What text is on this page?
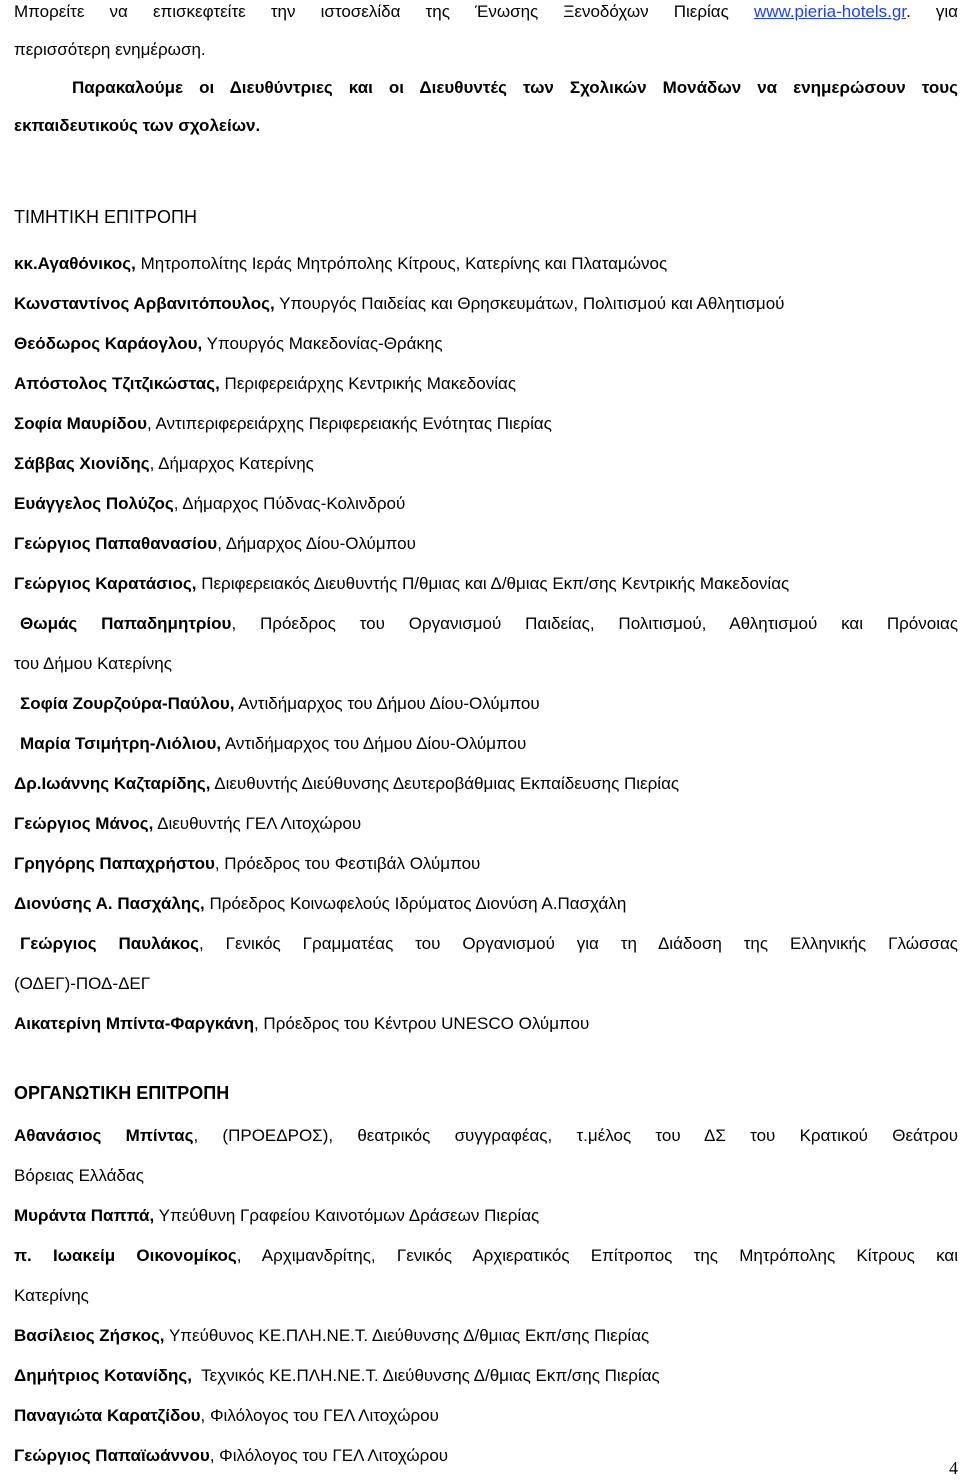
Μπορείτε να επισκεφτείτε την ιστοσελίδα της Ένωσης Ξενοδόχων Πιερίας www.pieria-hotels.gr. για
περισσότερη ενημέρωση.
Παρακαλούμε οι Διευθύντριες και οι Διευθυντές των Σχολικών Μονάδων να ενημερώσουν τους
εκπαιδευτικούς των σχολείων.
ΤΙΜΗΤΙΚΗ ΕΠΙΤΡΟΠΗ
κκ.Αγαθόνικος, Μητροπολίτης Ιεράς Μητρόπολης Κίτρους, Κατερίνης και Πλαταμώνος
Κωνσταντίνος Αρβανιτόπουλος, Υπουργός Παιδείας και Θρησκευμάτων, Πολιτισμού και Αθλητισμού
Θεόδωρος Καράογλου, Υπουργός Μακεδονίας-Θράκης
Απόστολος Τζιτζικώστας, Περιφερειάρχης Κεντρικής Μακεδονίας
Σοφία Μαυρίδου, Αντιπεριφερειάρχης Περιφερειακής Ενότητας Πιερίας
Σάββας Χιονίδης, Δήμαρχος Κατερίνης
Ευάγγελος Πολύζος, Δήμαρχος Πύδνας-Κολινδρού
Γεώργιος Παπαθανασίου, Δήμαρχος Δίου-Ολύμπου
Γεώργιος Καρατάσιος, Περιφερειακός Διευθυντής Π/θμιας και Δ/θμιας Εκπ/σης Κεντρικής Μακεδονίας
Θωμάς Παπαδημητρίου, Πρόεδρος του Οργανισμού Παιδείας, Πολιτισμού, Αθλητισμού και Πρόνοιας
του Δήμου Κατερίνης
Σοφία Ζουρζούρα-Παύλου, Αντιδήμαρχος του Δήμου Δίου-Ολύμπου
Μαρία Τσιμήτρη-Λιόλιου, Αντιδήμαρχος του Δήμου Δίου-Ολύμπου
Δρ.Ιωάννης Καζταρίδης, Διευθυντής Διεύθυνσης Δευτεροβάθμιας Εκπαίδευσης Πιερίας
Γεώργιος Μάνος, Διευθυντής ΓΕΛ Λιτοχώρου
Γρηγόρης Παπαχρήστου, Πρόεδρος του Φεστιβάλ Ολύμπου
Διονύσης Α. Πασχάλης, Πρόεδρος Κοινωφελούς Ιδρύματος Διονύση Α.Πασχάλη
Γεώργιος Παυλάκος, Γενικός Γραμματέας του Οργανισμού για τη Διάδοση της Ελληνικής Γλώσσας
(ΟΔΕΓ)-ΠΟΔ-ΔΕΓ
Αικατερίνη Μπίντα-Φαργκάνη, Πρόεδρος του Κέντρου UNESCO Ολύμπου
ΟΡΓΑΝΩΤΙΚΗ ΕΠΙΤΡΟΠΗ
Αθανάσιος Μπίντας, (ΠΡΟΕΔΡΟΣ), θεατρικός συγγραφέας, τ.μέλος του ΔΣ του Κρατικού Θεάτρου
Βόρειας Ελλάδας
Μυράντα Παππά, Υπεύθυνη Γραφείου Καινοτόμων Δράσεων Πιερίας
π. Ιωακείμ Οικονομίκος, Αρχιμανδρίτης, Γενικός Αρχιερατικός Επίτροπος της Μητρόπολης Κίτρους και
Κατερίνης
Βασίλειος Ζήσκος, Υπεύθυνος ΚΕ.ΠΛΗ.ΝΕ.Τ. Διεύθυνσης Δ/θμιας Εκπ/σης Πιερίας
Δημήτριος Κοτανίδης,  Τεχνικός ΚΕ.ΠΛΗ.ΝΕ.Τ. Διεύθυνσης Δ/θμιας Εκπ/σης Πιερίας
Παναγιώτα Καρατζίδου, Φιλόλογος του ΓΕΛ Λιτοχώρου
Γεώργιος Παπαϊωάννου, Φιλόλογος του ΓΕΛ Λιτοχώρου
4
